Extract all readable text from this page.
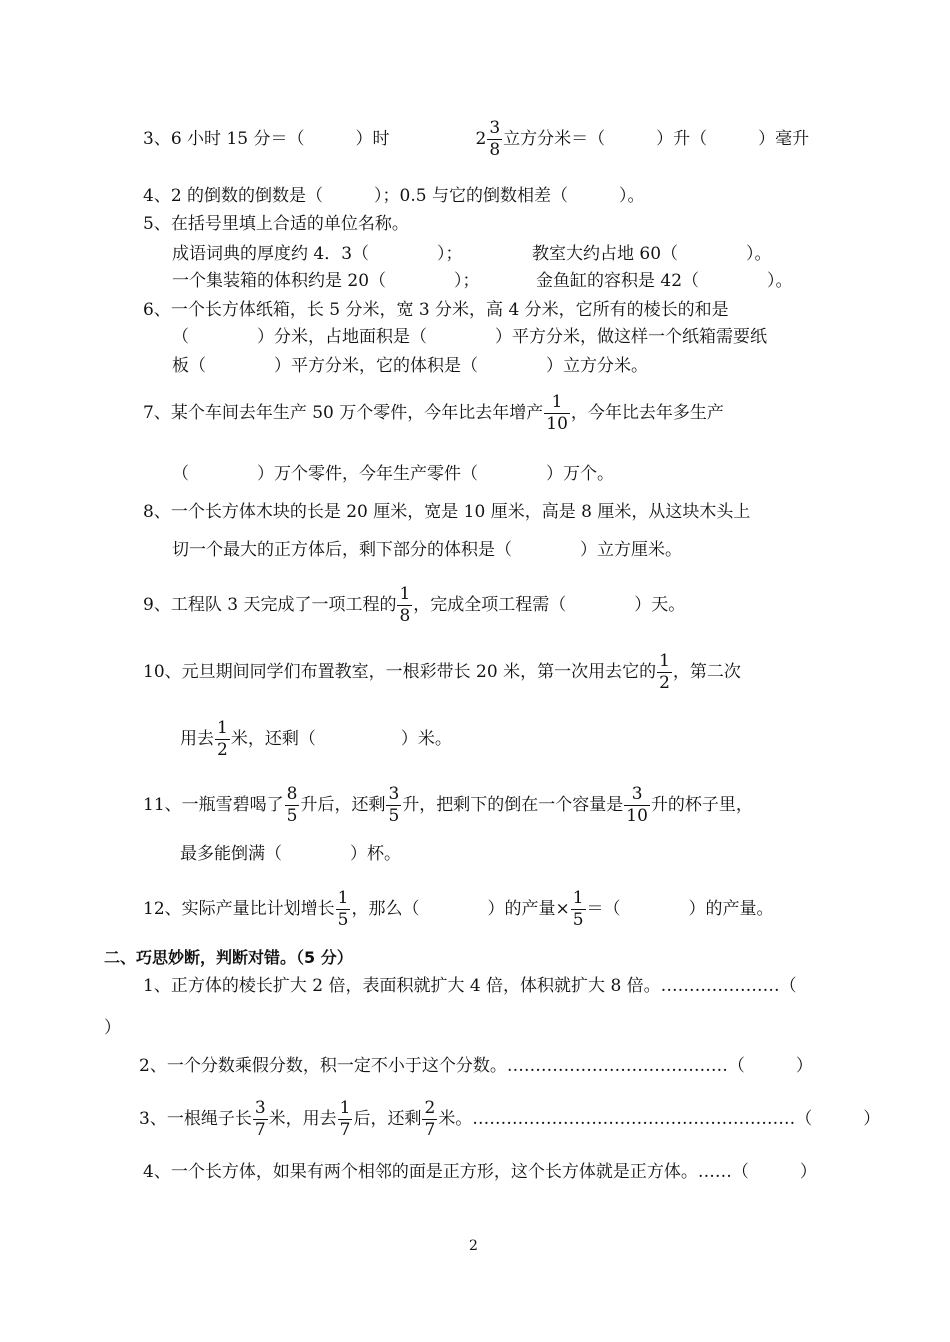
3、6 小时 15 分＝（　　　）时	$2 \frac{3}{8}$ 立方分米＝（　　　）升（　　　）毫升
4、2 的倒数的倒数是（　　　）；0.5 与它的倒数相差（　　　）。
5、在括号里填上合适的单位名称。
成语词典的厚度约 4．3（　　　　）；	教室大约占地 60（　　　　）。
一个集装箱的体积约是 20（　　　　）；	金鱼缸的容积是 42（　　　　）。
6、一个长方体纸箱，长 5 分米，宽 3 分米，高 4 分米，它所有的棱长的和是
（　　　　）分米，占地面积是（　　　　）平方分米，做这样一个纸箱需要纸
板（　　　　）平方分米，它的体积是（　　　　）立方分米。
7、某个车间去年生产 50 万个零件，今年比去年增产 $\frac{1}{10}$ ，今年比去年多生产
（　　　　）万个零件，今年生产零件（　　　　）万个。
8、一个长方体木块的长是 20 厘米，宽是 10 厘米，高是 8 厘米，从这块木头上
切一个最大的正方体后，剩下部分的体积是（　　　　）立方厘米。
9、工程队 3 天完成了一项工程的 $\frac{1}{8}$ ，完成全项工程需（　　　　）天。
10、元旦期间同学们布置教室，一根彩带长 20 米，第一次用去它的 $\frac{1}{2}$ ，第二次
用去 $\frac{1}{2}$ 米，还剩（　　　　　）米。
11、一瓶雪碧喝了 $\frac{8}{5}$ 升后，还剩 $\frac{3}{5}$ 升，把剩下的倒在一个容量是 $\frac{3}{10}$ 升的杯子里，
最多能倒满（　　　　）杯。
12、实际产量比计划增长 $\frac{1}{5}$ ，那么（　　　　）的产量× $\frac{1}{5}$ ＝（　　　　）的产量。
二、巧思妙断，判断对错。（5 分）
1、正方体的棱长扩大 2 倍，表面积就扩大 4 倍，体积就扩大 8 倍。…………………（
）
2、一个分数乘假分数，积一定不小于这个分数。…………………………………（　　　）
3、一根绳子长 $\frac{3}{7}$ 米，用去 $\frac{1}{7}$ 后，还剩 $\frac{2}{7}$ 米。…………………………………………………（　　　）
4、一个长方体，如果有两个相邻的面是正方形，这个长方体就是正方体。……（　　　）
2
